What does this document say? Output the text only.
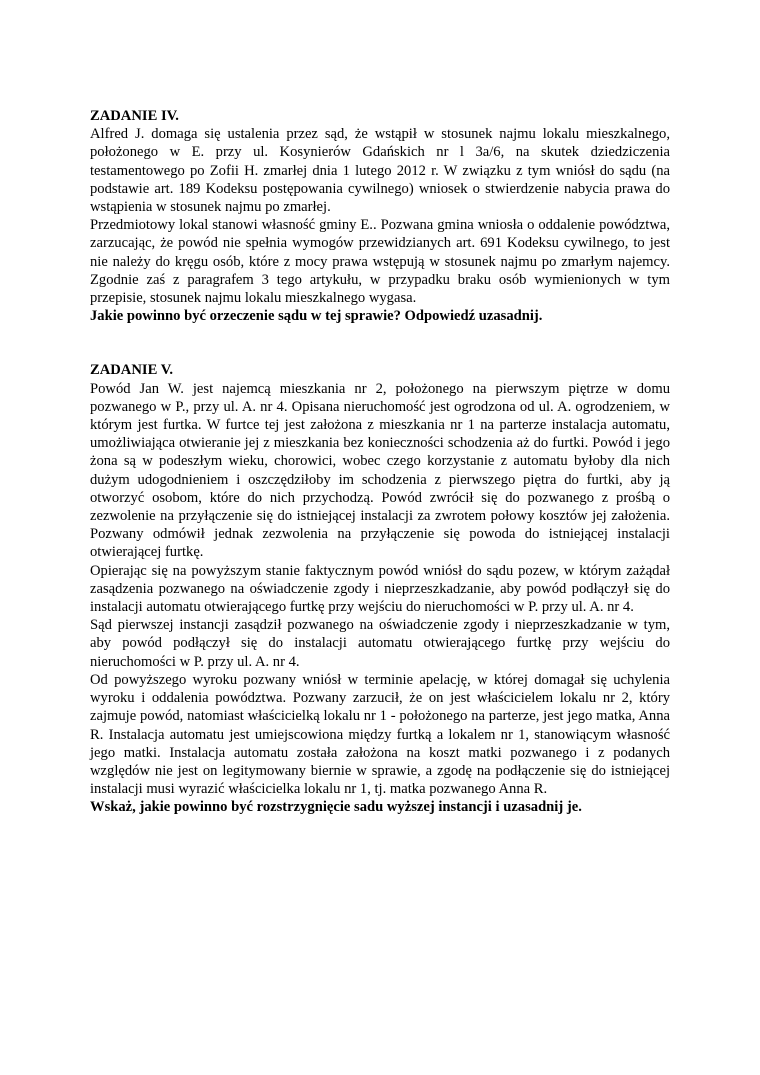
ZADANIE IV.

Alfred J. domaga się ustalenia przez sąd, że wstąpił w stosunek najmu lokalu mieszkalnego, położonego w E. przy ul. Kosynierów Gdańskich nr l 3a/6, na skutek dziedziczenia testamentowego po Zofii H. zmarłej dnia 1 lutego 2012 r. W związku z tym wniósł do sądu (na podstawie art. 189 Kodeksu postępowania cywilnego) wniosek o stwierdzenie nabycia prawa do wstąpienia w stosunek najmu po zmarłej.

Przedmiotowy lokal stanowi własność gminy E.. Pozwana gmina wniosła o oddalenie powództwa, zarzucając, że powód nie spełnia wymogów przewidzianych art. 691 Kodeksu cywilnego, to jest nie należy do kręgu osób, które z mocy prawa wstępują w stosunek najmu po zmarłym najemcy. Zgodnie zaś z paragrafem 3 tego artykułu, w przypadku braku osób wymienionych w tym przepisie, stosunek najmu lokalu mieszkalnego wygasa.

Jakie powinno być orzeczenie sądu w tej sprawie? Odpowiedź uzasadnij.

ZADANIE V.

Powód Jan W. jest najemcą mieszkania nr 2, położonego na pierwszym piętrze w domu pozwanego w P., przy ul. A. nr 4. Opisana nieruchomość jest ogrodzona od ul. A. ogrodzeniem, w którym jest furtka. W furtce tej jest założona z mieszkania nr 1 na parterze instalacja automatu, umożliwiająca otwieranie jej z mieszkania bez konieczności schodzenia aż do furtki. Powód i jego żona są w podeszłym wieku, chorowici, wobec czego korzystanie z automatu byłoby dla nich dużym udogodnieniem i oszczędziłoby im schodzenia z pierwszego piętra do furtki, aby ją otworzyć osobom, które do nich przychodzą. Powód zwrócił się do pozwanego z prośbą o zezwolenie na przyłączenie się do istniejącej instalacji za zwrotem połowy kosztów jej założenia. Pozwany odmówił jednak zezwolenia na przyłączenie się powoda do istniejącej instalacji otwierającej furtkę.

Opierając się na powyższym stanie faktycznym powód wniósł do sądu pozew, w którym zażądał zasądzenia pozwanego na oświadczenie zgody i nieprzeszkadzanie, aby powód podłączył się do instalacji automatu otwierającego furtkę przy wejściu do nieruchomości w P. przy ul. A. nr 4.

Sąd pierwszej instancji zasądził pozwanego na oświadczenie zgody i nieprzeszkadzanie w tym, aby powód podłączył się do instalacji automatu otwierającego furtkę przy wejściu do nieruchomości w P. przy ul. A. nr 4.

Od powyższego wyroku pozwany wniósł w terminie apelację, w której domagał się uchylenia wyroku i oddalenia powództwa. Pozwany zarzucił, że on jest właścicielem lokalu nr 2, który zajmuje powód, natomiast właścicielką lokalu nr 1 - położonego na parterze, jest jego matka, Anna R. Instalacja automatu jest umiejscowiona między furtką a lokalem nr 1, stanowiącym własność jego matki. Instalacja automatu została założona na koszt matki pozwanego i z podanych względów nie jest on legitymowany biernie w sprawie, a zgodę na podłączenie się do istniejącej instalacji musi wyrazić właścicielka lokalu nr 1, tj. matka pozwanego Anna R.

Wskaż, jakie powinno być rozstrzygnięcie sadu wyższej instancji i uzasadnij je.
